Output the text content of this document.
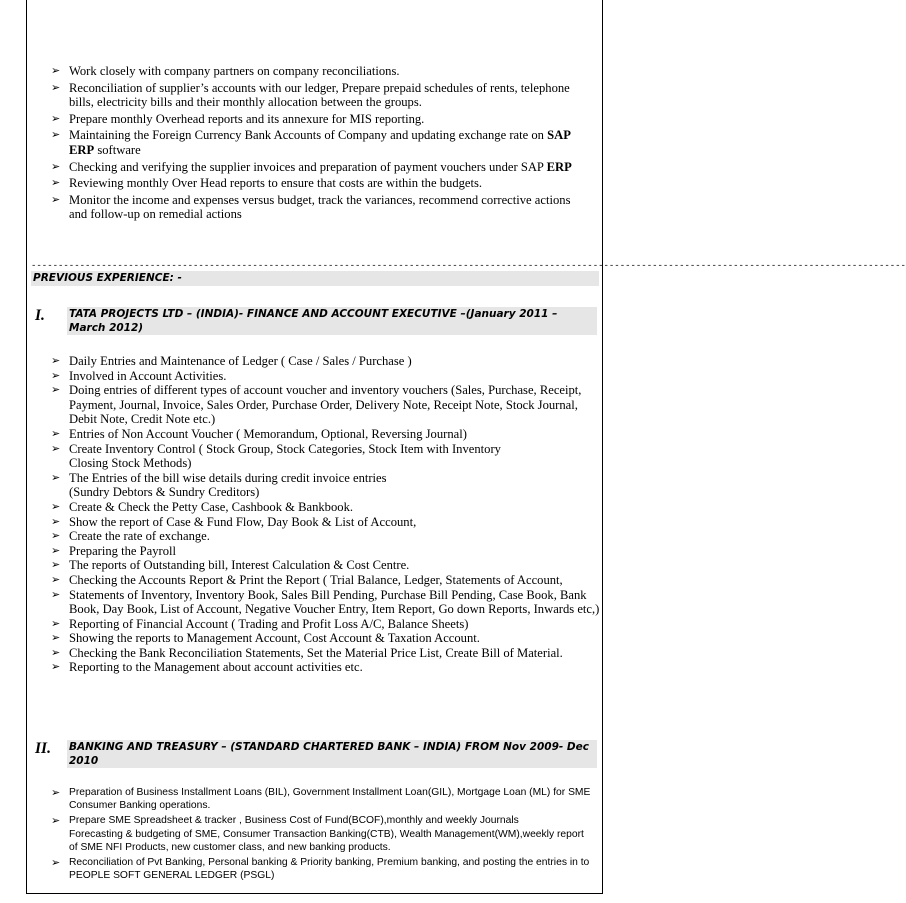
➢ Work closely with company partners on company reconciliations.
➢ Reconciliation of supplier’s accounts with our ledger, Prepare prepaid schedules of rents, telephone bills, electricity bills and their monthly allocation between the groups.
➢ Prepare monthly Overhead reports and its annexure for MIS reporting.
➢ Maintaining the Foreign Currency Bank Accounts of Company and updating exchange rate on SAP ERP software
➢ Checking and verifying the supplier invoices and preparation of payment vouchers under SAP ERP
➢ Reviewing monthly Over Head reports to ensure that costs are within the budgets.
➢ Monitor the income and expenses versus budget, track the variances, recommend corrective actions and follow-up on remedial actions
------------------------------------------------------------------------------------------------------------------------------------------------------------------
PREVIOUS EXPERIENCE: -
I. TATA PROJECTS LTD – (INDIA)- FINANCE AND ACCOUNT EXECUTIVE –(January 2011 – March 2012)
➢ Daily Entries and Maintenance of Ledger ( Case / Sales / Purchase )
➢ Involved in Account Activities.
➢ Doing entries of different types of account voucher and inventory vouchers (Sales, Purchase, Receipt, Payment, Journal, Invoice, Sales Order, Purchase Order, Delivery Note, Receipt Note, Stock Journal, Debit Note, Credit Note etc.)
➢ Entries of Non Account Voucher ( Memorandum, Optional, Reversing Journal)
➢ Create Inventory Control ( Stock Group, Stock Categories, Stock Item with Inventory
Closing Stock Methods)
➢ The Entries of the bill wise details during credit invoice entries
(Sundry Debtors & Sundry Creditors)
➢ Create & Check the Petty Case, Cashbook & Bankbook.
➢ Show the report of Case & Fund Flow, Day Book & List of Account,
➢ Create the rate of exchange.
➢ Preparing the Payroll
➢ The reports of Outstanding bill, Interest Calculation & Cost Centre.
➢ Checking the Accounts Report & Print the Report ( Trial Balance, Ledger, Statements of Account,
➢ Statements of Inventory, Inventory Book, Sales Bill Pending, Purchase Bill Pending, Case Book, Bank Book, Day Book, List of Account, Negative Voucher Entry, Item Report, Go down Reports, Inwards etc,)
➢ Reporting of Financial Account ( Trading and Profit Loss A/C, Balance Sheets)
➢ Showing the reports to Management Account, Cost Account & Taxation Account.
➢ Checking the Bank Reconciliation Statements, Set the Material Price List, Create Bill of Material.
➢ Reporting to the Management about account activities etc.
II. BANKING AND TREASURY – (STANDARD CHARTERED BANK – INDIA) FROM Nov 2009- Dec 2010
➢ Preparation of Business Installment Loans (BIL), Government Installment Loan(GIL), Mortgage Loan (ML) for SME Consumer Banking operations.
➢ Prepare SME Spreadsheet & tracker , Business Cost of Fund(BCOF),monthly and weekly Journals
Forecasting & budgeting of SME, Consumer Transaction Banking(CTB), Wealth Management(WM),weekly report of SME NFI Products, new customer class, and new banking products.
➢ Reconciliation of Pvt Banking, Personal banking & Priority banking, Premium banking, and posting the entries in to PEOPLE SOFT GENERAL LEDGER (PSGL)
